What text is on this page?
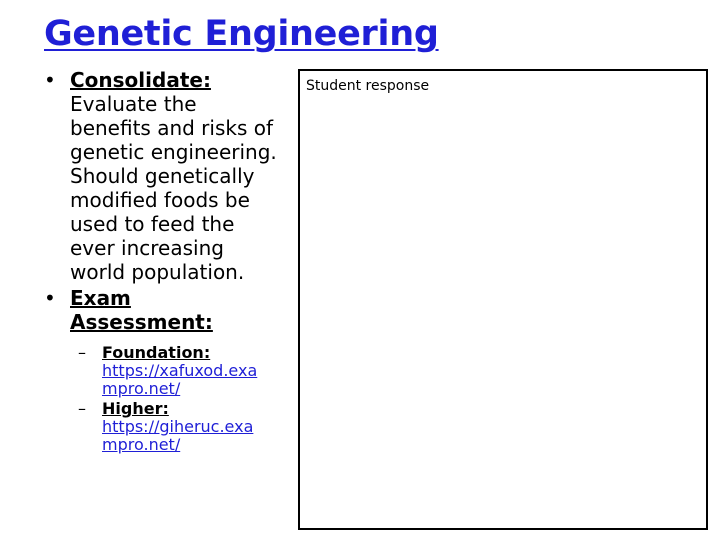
Genetic Engineering

• Consolidate:
Evaluate the benefits and risks of genetic engineering. Should genetically modified foods be used to feed the ever increasing world population.

• Exam Assessment:

– Foundation:
https://xafuxod.exampro.net/
– Higher:
https://giheruc.exampro.net/
Student response
